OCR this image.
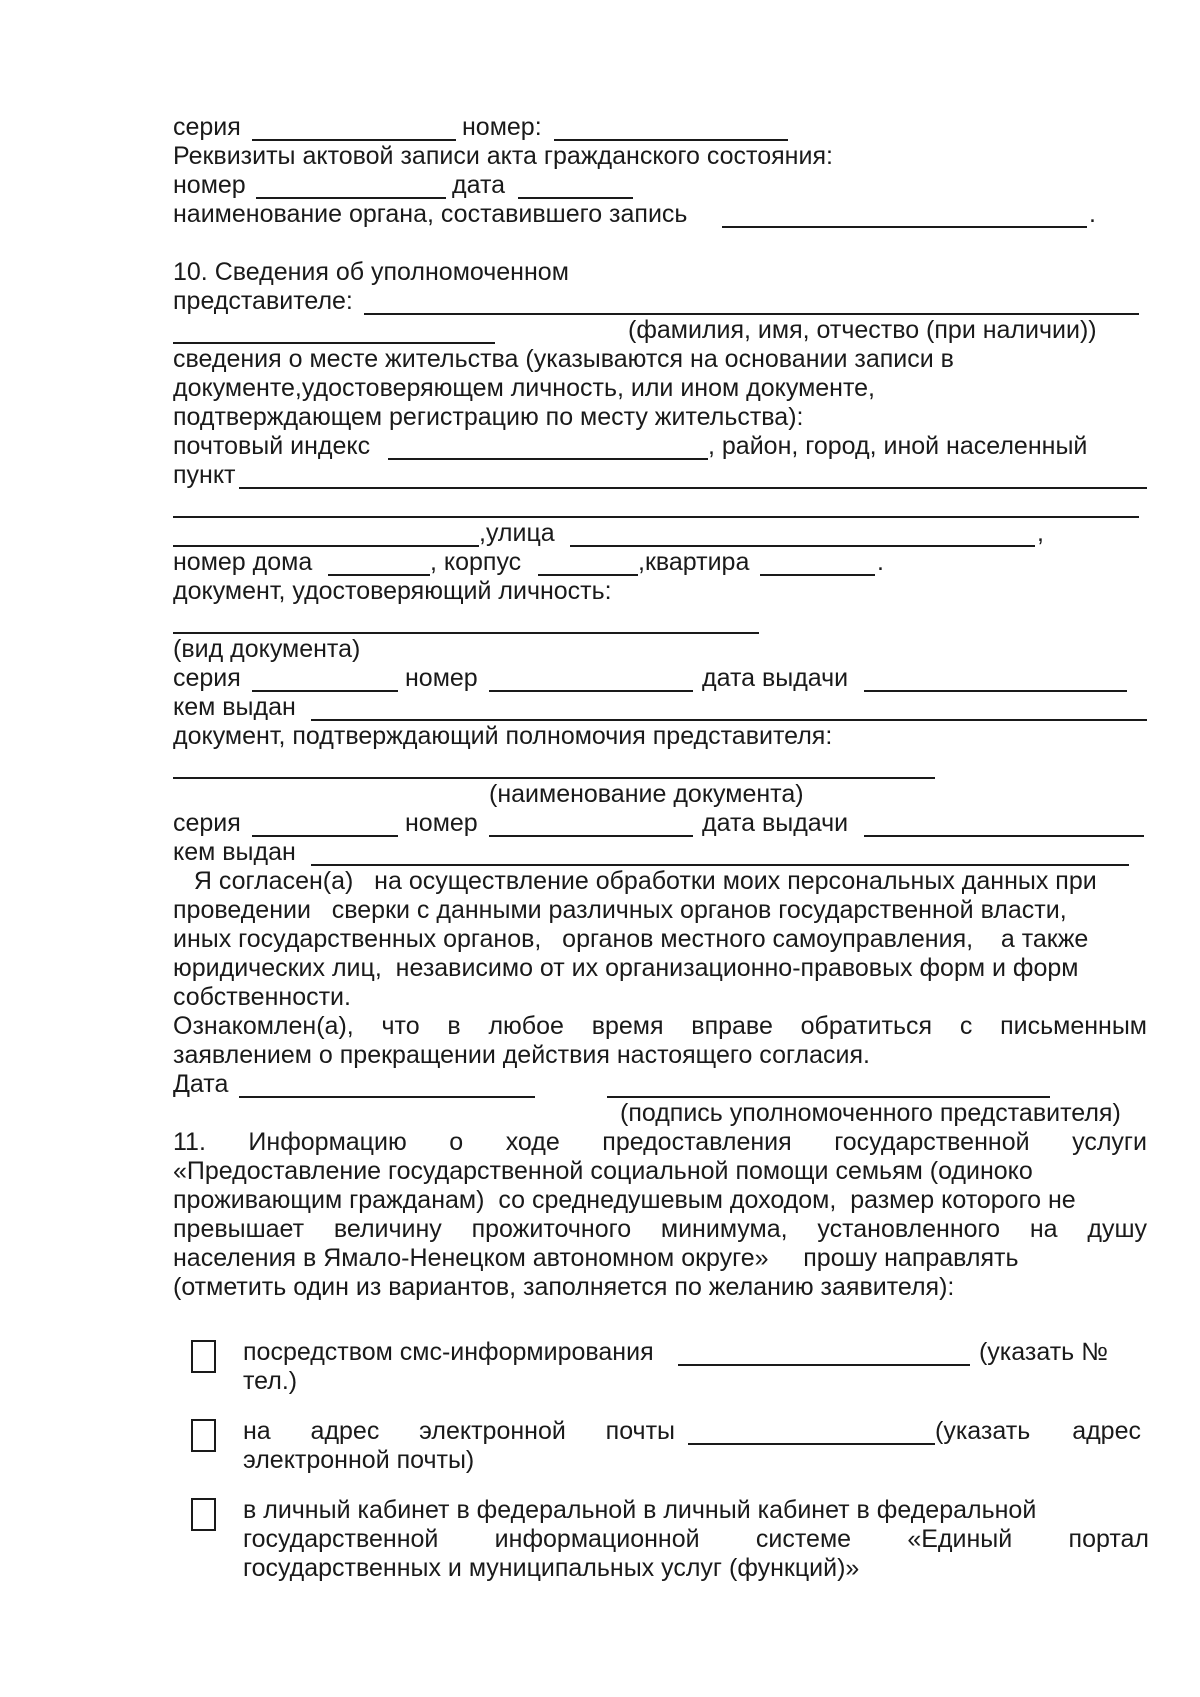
серия	номер:
Реквизиты актовой записи акта гражданского состояния:
номер	дата
наименование органа, составившего запись	.
10. Сведения об уполномоченном
представителе:
(фамилия, имя, отчество (при наличии))
сведения о месте жительства (указываются на основании записи в
документе,удостоверяющем личность, или ином документе,
подтверждающем регистрацию по месту жительства):
почтовый индекс	, район, город, иной населенный
пункт
,улица	,
номер дома	, корпус	,квартира	.
документ, удостоверяющий личность:
(вид документа)
серия	номер	дата выдачи
кем выдан
документ, подтверждающий полномочия представителя:
(наименование документа)
серия	номер	дата выдачи
кем выдан
Я согласен(а)   на осуществление обработки моих персональных данных при
проведении   сверки с данными различных органов государственной власти,
иных государственных органов,   органов местного самоуправления,    а также
юридических лиц,  независимо от их организационно-правовых форм и форм
собственности.
Ознакомлен(а), что в любое время вправе обратиться с письменным
заявлением о прекращении действия настоящего согласия.
Дата
(подпись уполномоченного представителя)
11. Информацию о ходе предоставления государственной услуги
«Предоставление государственной социальной помощи семьям (одиноко
проживающим гражданам)  со среднедушевым доходом,  размер которого не
превышает величину прожиточного минимума, установленного на душу
населения в Ямало-Ненецком автономном округе»     прошу направлять
(отметить один из вариантов, заполняется по желанию заявителя):
посредством смс-информирования	(указать №
тел.)
на адрес электронной почты	(указать адрес
электронной почты)
в личный кабинет в федеральной в личный кабинет в федеральной
государственной информационной системе «Единый портал
государственных и муниципальных услуг (функций)»
